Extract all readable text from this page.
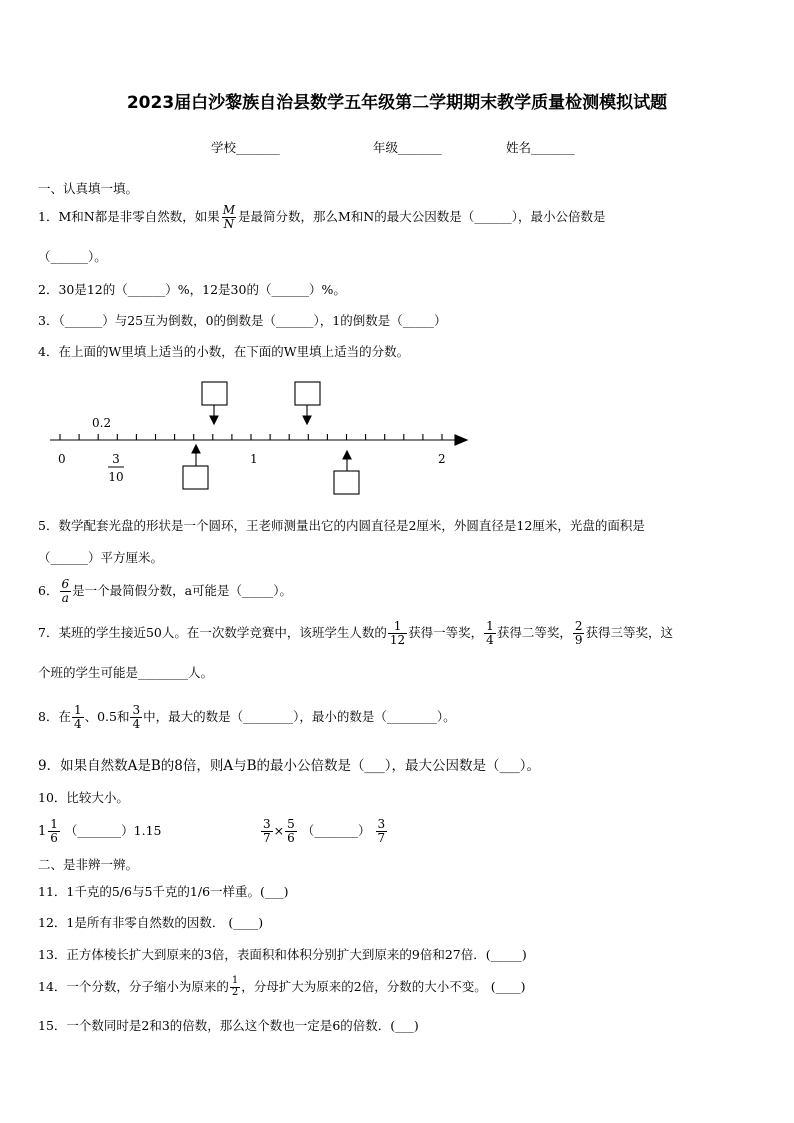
2023届白沙黎族自治县数学五年级第二学期期末教学质量检测模拟试题
学校_______	年级_______	姓名_______
一、认真填一填。
1．M和N都是非零自然数，如果 $\frac{M}{N}$ 是最简分数，那么M和N的最大公因数是（______），最小公倍数是
（______）。
2．30是12的（______）%，12是30的（______）%。
3．（______）与25互为倒数，0的倒数是（______），1的倒数是（_____）
4．在上面的W里填上适当的小数，在下面的W里填上适当的分数。
0.2
0	1	2
3
10
5．数学配套光盘的形状是一个圆环，王老师测量出它的内圆直径是2厘米，外圆直径是12厘米，光盘的面积是
（______）平方厘米。
6． $\frac{6}{a}$ 是一个最简假分数，a可能是（_____）。
7．某班的学生接近50人。在一次数学竞赛中，该班学生人数的 $\frac{1}{12}$ 获得一等奖， $\frac{1}{4}$ 获得二等奖， $\frac{2}{9}$ 获得三等奖，这
个班的学生可能是________人。
8．在 $\frac{1}{4}$ 、0.5和 $\frac{3}{4}$ 中，最大的数是（________），最小的数是（________）。
9．如果自然数A是B的8倍，则A与B的最小公倍数是（___），最大公因数是（___）。
10．比较大小。
$1 \frac{1}{6}$ （_______）1.15	$\frac{3}{7} \times \frac{5}{6}$ （_______） $\frac{3}{7}$
二、是非辨一辨。
11．1千克的5/6与5千克的1/6一样重。(___)
12．1是所有非零自然数的因数． (____)
13．正方体棱长扩大到原来的3倍，表面积和体积分别扩大到原来的9倍和27倍．(_____)
14．一个分数，分子缩小为原来的 $\frac{1}{2}$ ，分母扩大为原来的2倍，分数的大小不变。 (____)
15．一个数同时是2和3的倍数，那么这个数也一定是6的倍数．(___)
